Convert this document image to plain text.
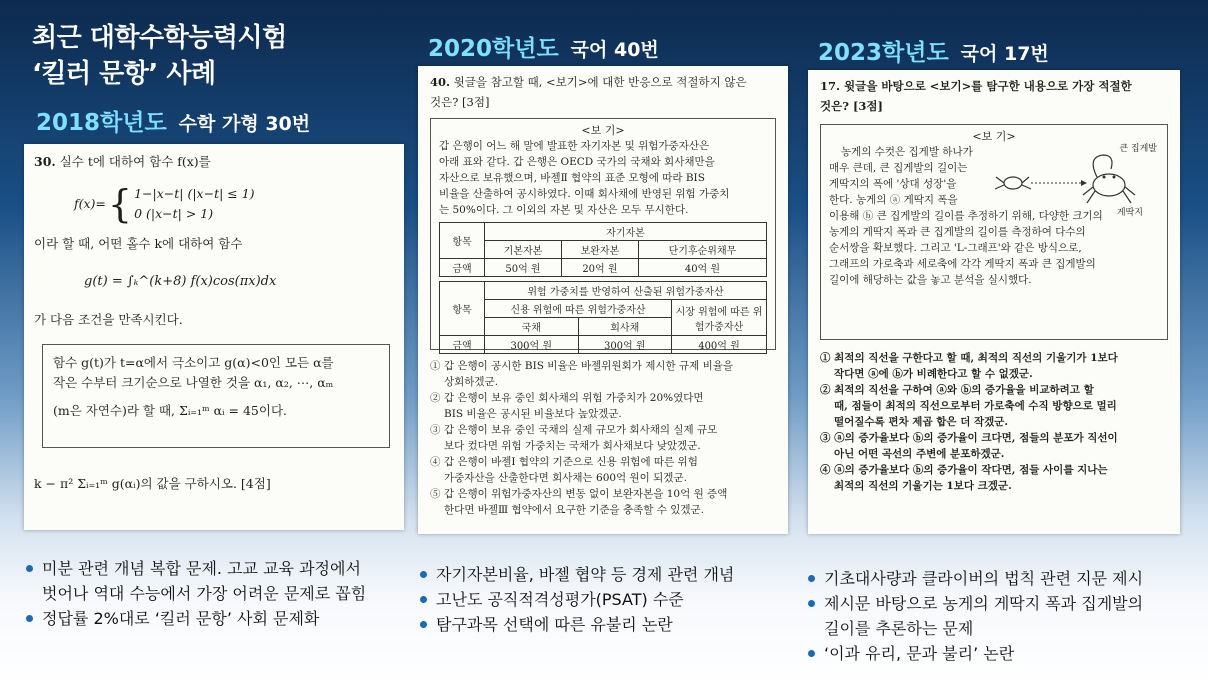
최근 대학수학능력시험
‘킬러 문항’ 사례
2018학년도 수학 가형 30번
2020학년도 국어 40번	2023학년도 국어 17번
30. 실수 t에 대하여 함수 f(x)를
f(x)= { 1−|x−t| (|x−t| ≤ 1)
0 (|x−t| > 1)
이라 할 때, 어떤 홀수 k에 대하여 함수
g(t) = ∫ₖ^(k+8) f(x)cos(πx)dx
가 다음 조건을 만족시킨다.
함수 g(t)가 t=α에서 극소이고 g(α)<0인 모든 α를
작은 수부터 크기순으로 나열한 것을 α₁, α₂, ⋯, αₘ
(m은 자연수)라 할 때, Σᵢ₌₁ᵐ αᵢ = 45이다.
k − π² Σᵢ₌₁ᵐ g(αᵢ)의 값을 구하시오. [4점]
40. 윗글을 참고할 때, <보기>에 대한 반응으로 적절하지 않은
것은? [3점]
<보 기>
갑 은행이 어느 해 말에 발표한 자기자본 및 위험가중자산은
아래 표와 같다. 갑 은행은 OECD 국가의 국채와 회사채만을
자산으로 보유했으며, 바젤Ⅱ 협약의 표준 모형에 따라 BIS
비율을 산출하여 공시하였다. 이때 회사채에 반영된 위험 가중치
는 50%이다. 그 이외의 자본 및 자산은 모두 무시한다.
항목	자기자본		
	기본자본	보완자본	단기후순위채무
금액	50억 원	20억 원	40억 원
항목	위험 가중치를 반영하여 산출된 위험가중자산		
	신용 위험에 따른 위험가중자산		시장 위험에 따른 위험가중자산
	국채	회사채	
금액	300억 원	300억 원	400억 원
① 갑 은행이 공시한 BIS 비율은 바젤위원회가 제시한 규제 비율을
상회하겠군.
② 갑 은행이 보유 중인 회사채의 위험 가중치가 20%였다면
BIS 비율은 공시된 비율보다 높았겠군.
③ 갑 은행이 보유 중인 국채의 실제 규모가 회사채의 실제 규모
보다 컸다면 위험 가중치는 국채가 회사채보다 낮았겠군.
④ 갑 은행이 바젤Ⅰ 협약의 기준으로 신용 위험에 따른 위험
가중자산을 산출한다면 회사채는 600억 원이 되겠군.
⑤ 갑 은행이 위험가중자산의 변동 없이 보완자본을 10억 원 증액
한다면 바젤Ⅲ 협약에서 요구한 기준을 충족할 수 있겠군.
17. 윗글을 바탕으로 <보기>를 탐구한 내용으로 가장 적절한
것은? [3점]
<보 기>
농게의 수컷은 집게발 하나가
매우 큰데, 큰 집게발의 길이는
게딱지의 폭에 '상대 성장'을
한다. 농게의 ⓐ 게딱지 폭을
이용해 ⓑ 큰 집게발의 길이를 추정하기 위해, 다양한 크기의
농게의 게딱지 폭과 큰 집게발의 길이를 측정하여 다수의
순서쌍을 확보했다. 그리고 'L-그래프'와 같은 방식으로,
그래프의 가로축과 세로축에 각각 게딱지 폭과 큰 집게발의
길이에 해당하는 값을 놓고 분석을 실시했다.
큰 집게발
게딱지
① 최적의 직선을 구한다고 할 때, 최적의 직선의 기울기가 1보다
작다면 ⓐ에 ⓑ가 비례한다고 할 수 없겠군.
② 최적의 직선을 구하여 ⓐ와 ⓑ의 증가율을 비교하려고 할
때, 점들이 최적의 직선으로부터 가로축에 수직 방향으로 멀리
떨어질수록 편차 제곱 합은 더 작겠군.
③ ⓐ의 증가율보다 ⓑ의 증가율이 크다면, 점들의 분포가 직선이
아닌 어떤 곡선의 주변에 분포하겠군.
④ ⓐ의 증가율보다 ⓑ의 증가율이 작다면, 점들 사이를 지나는
최적의 직선의 기울기는 1보다 크겠군.
미분 관련 개념 복합 문제. 고교 교육 과정에서
벗어나 역대 수능에서 가장 어려운 문제로 꼽힘
정답률 2%대로 ‘킬러 문항’ 사회 문제화
자기자본비율, 바젤 협약 등 경제 관련 개념
고난도 공직적격성평가(PSAT) 수준
탐구과목 선택에 따른 유불리 논란
기초대사량과 클라이버의 법칙 관련 지문 제시
제시문 바탕으로 농게의 게딱지 폭과 집게발의
길이를 추론하는 문제
‘이과 유리, 문과 불리’ 논란
